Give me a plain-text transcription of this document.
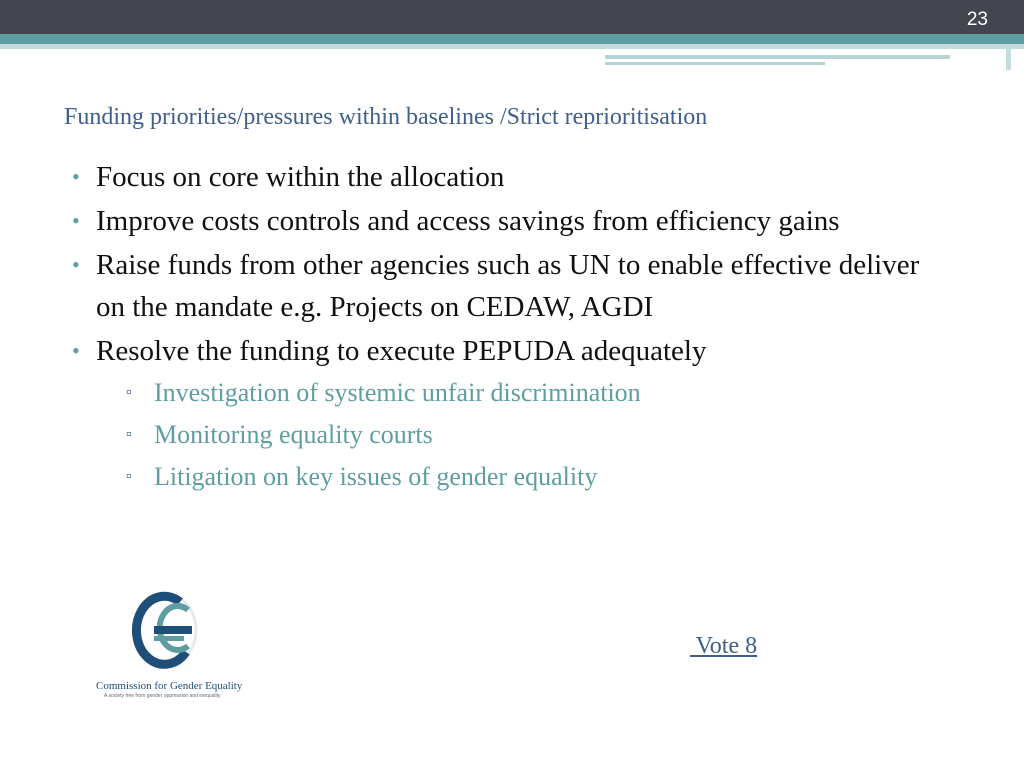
23
Funding priorities/pressures within baselines /Strict reprioritisation
• Focus on core within the allocation
• Improve costs controls and access savings from efficiency gains
• Raise funds from other agencies such as UN to enable effective deliver on the mandate e.g. Projects on CEDAW, AGDI
• Resolve the funding to execute PEPUDA adequately
▫ Investigation of systemic unfair discrimination
▫ Monitoring equality courts
▫ Litigation on key issues of gender equality
Commission for Gender Equality
A society free from gender oppression and inequality
Vote 8
